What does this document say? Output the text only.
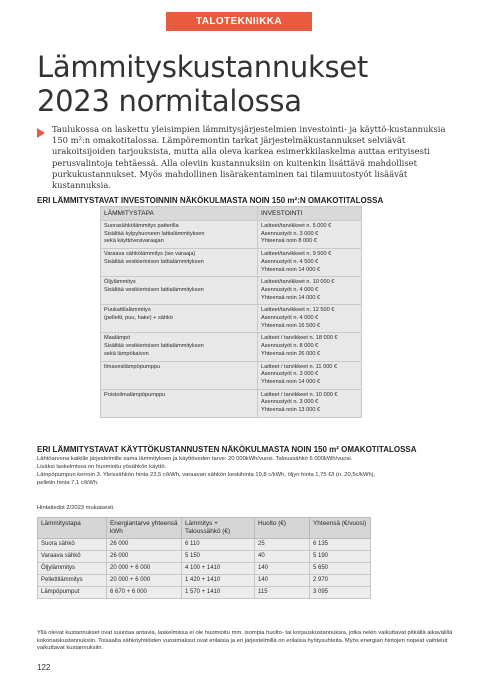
TALOTEKNIIKKA
Lämmityskustannukset
2023 normitalossa

Taulukossa on laskettu yleisimpien lämmitysjärjestelmien investointi- ja käyttö-kustannuksia 150 m²:n omakotitalossa. Lämpöremontin tarkat järjestelmäkustannukset selviävät urakoitsijoiden tarjouksista, mutta alla oleva karkea esimerkkilaskelma auttaa erityisesti perusvalintoja tehtäessä. Alla oleviin kustannuksiin on kuitenkin lisättävä mahdolliset purkukustannukset. Myös mahdollinen lisärakentaminen tai tilamuutostyöt lisäävät kustannuksia.

ERI LÄMMITYSTAVAT INVESTOINNIN NÄKÖKULMASTA NOIN 150 m²:N OMAKOTITALOSSA
LÄMMITYSTAPA	INVESTOINTI

Suorasähkölämmitys patterilla
Sisältää kylpyhuoneen lattialämmityksen
sekä käyttövesivaraajan	Laitteet/tarvikkeet n. 5 000 €
Asennustyöt n. 3 000 €
Yhteensä noin 8 000 €

Varaava sähkölämmitys (iso varaaja)
Sisältää vesikiertoisen lattialämmityksen	Laitteet/tarvikkeet n. 9 500 €
Asennustyöt n. 4 500 €
Yhteensä noin 14 000 €

Öljylämmitys
Sisältää vesikiertoisen lattialämmityksen	Laitteet/tarvikkeet n. 10 000 €
Asennustyöt n. 4 000 €
Yhteensä noin 14 000 €

Puukattilalämmitys
(pelletti, puu, hake) + sähkö	Laitteet/tarvikkeet n. 12 500 €
Asennustyöt n. 4 000 €
Yhteensä noin 16 500 €

Maalämpö
Sisältää vesikiertoisen lattialämmityksen
sekä lämpökaivon	Laitteet / tarvikkeet n. 18 000 €
Asennustyöt n. 8 000 €
Yhteensä noin 26 000 €

Ilmavesilämpöpumppu	Laitteet / tarvikkeet n. 11 000 €
Asennustyöt n. 3 000 €
Yhteensä noin 14 000 €

Poistoilmalämpöpumppu	Laitteet / tarvikkeet n. 10 000 €
Asennustyöt n. 3 000 €
Yhteensä noin 13 000 €
ERI LÄMMITYSTAVAT KÄYTTÖKUSTANNUSTEN NÄKÖKULMASTA NOIN 150 m² OMAKOTITALOSSA

Lähtöarvona kaikille järjestelmille sama lämmityksen ja käyttöveden tarve: 20 000kWh/vuosi. Taloussähkö 6 000kWh/vuosi.

Lisäksi laskelmissa on huomioitu yösähkön käyttö.

Lämpöpumpun kerroin 3. Yleissähkön hinta 23,5 c/kWh, varaavan sähkön keskihinta 19,8 c/kWh, öljyn hinta 1,75 €/l (n. 20,5c/kWh),

pelletin hinta 7,1 c/kWh.

Hintatiedot 2/2023 mukaisesti.
Lämmitystapa	Energiantarve yhteensä kWh	Lämmitys + Taloussähkö (€)	Huolto (€)	Yhteensä (€/vuosi)
Suora sähkö	26 000	6 110	25	6 135
Varaava sähkö	26 000	5 150	40	5 190
Öljylämmitys	20 000 + 6 000	4 100 + 1410	140	5 650
Pellettilämmitys	20 000 + 6 000	1 420 + 1410	140	2 970
Lämpöpumput	6 670 + 6 000	1 570 + 1410	115	3 095

Yllä olevat kustannukset ovat suuntaa antavia, laskelmissa ei ole huomioitu mm. isompia huolto- tai korjauskustannuksia, jotka nekin vaikuttavat pitkällä aikavälillä kokonaiskustannuksiin. Toisaalta sähköyhtiöiden vuosimaksut ovat erilaisia ja eri järjestelmillä on erilaisia hyötysuhteita. Myös energian hintojen nopeat vaihtelut vaikuttavat kustannuksiin.

122
